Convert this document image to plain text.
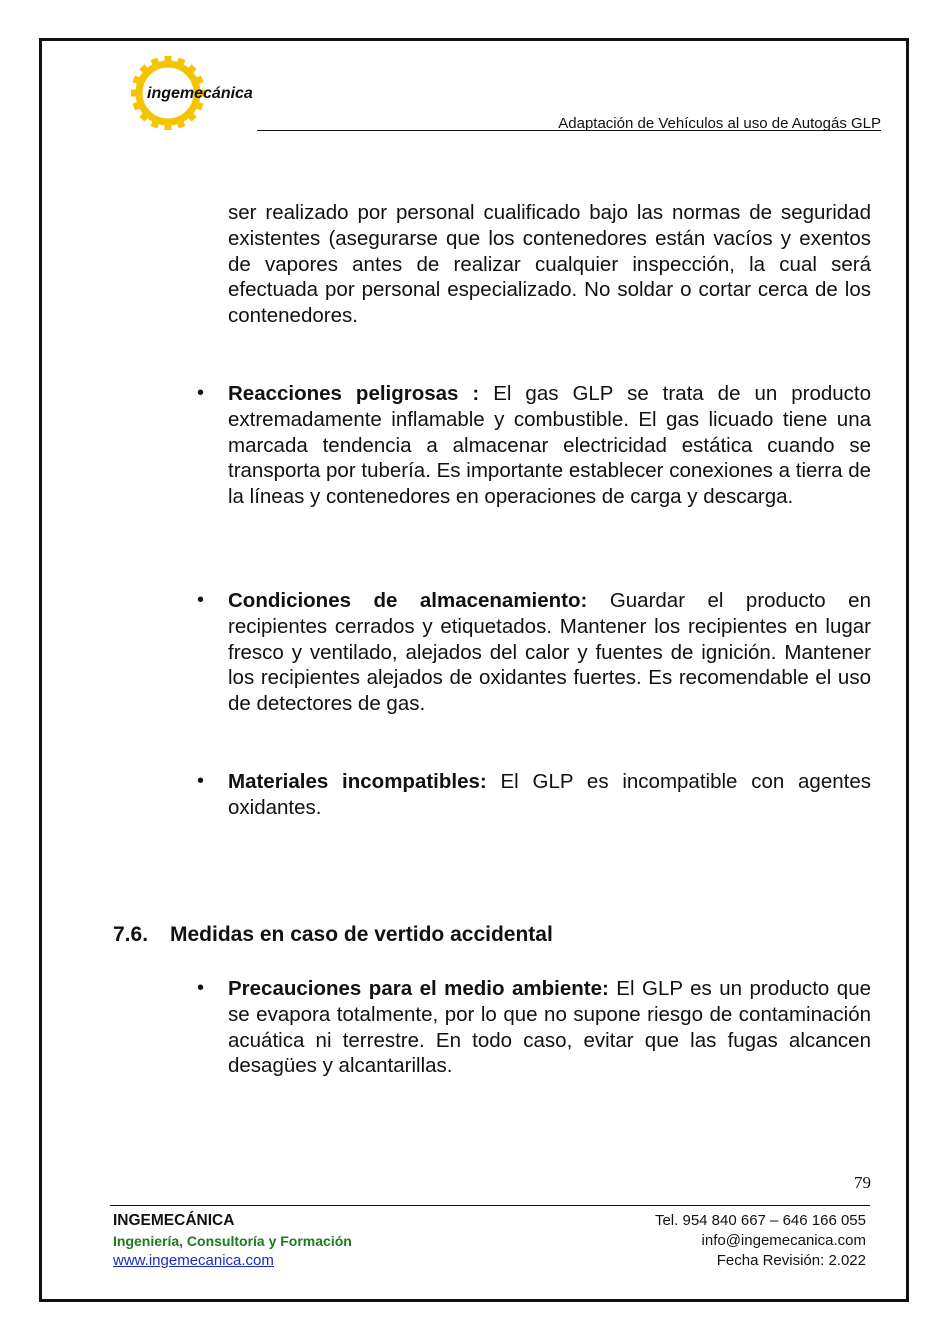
ingemecánica
Adaptación de Vehículos al uso de Autogás GLP

ser realizado por personal cualificado bajo las normas de seguridad existentes (asegurarse que los contenedores están vacíos y exentos de vapores antes de realizar cualquier inspección, la cual será efectuada por personal especializado. No soldar o cortar cerca de los contenedores.

• Reacciones peligrosas : El gas GLP se trata de un producto extremadamente inflamable y combustible. El gas licuado tiene una marcada tendencia a almacenar electricidad estática cuando se transporta por tubería. Es importante establecer conexiones a tierra de la líneas y contenedores en operaciones de carga y descarga.

• Condiciones de almacenamiento: Guardar el producto en recipientes cerrados y etiquetados. Mantener los recipientes en lugar fresco y ventilado, alejados del calor y fuentes de ignición. Mantener los recipientes alejados de oxidantes fuertes. Es recomendable el uso de detectores de gas.

• Materiales incompatibles: El GLP es incompatible con agentes oxidantes.

7.6. Medidas en caso de vertido accidental
• Precauciones para el medio ambiente: El GLP es un producto que se evapora totalmente, por lo que no supone riesgo de contaminación acuática ni terrestre. En todo caso, evitar que las fugas alcancen desagües y alcantarillas.

79
INGEMECÁNICA
Ingeniería, Consultoría y Formación
www.ingemecanica.com
Tel. 954 840 667 – 646 166 055
info@ingemecanica.com
Fecha Revisión: 2.022
